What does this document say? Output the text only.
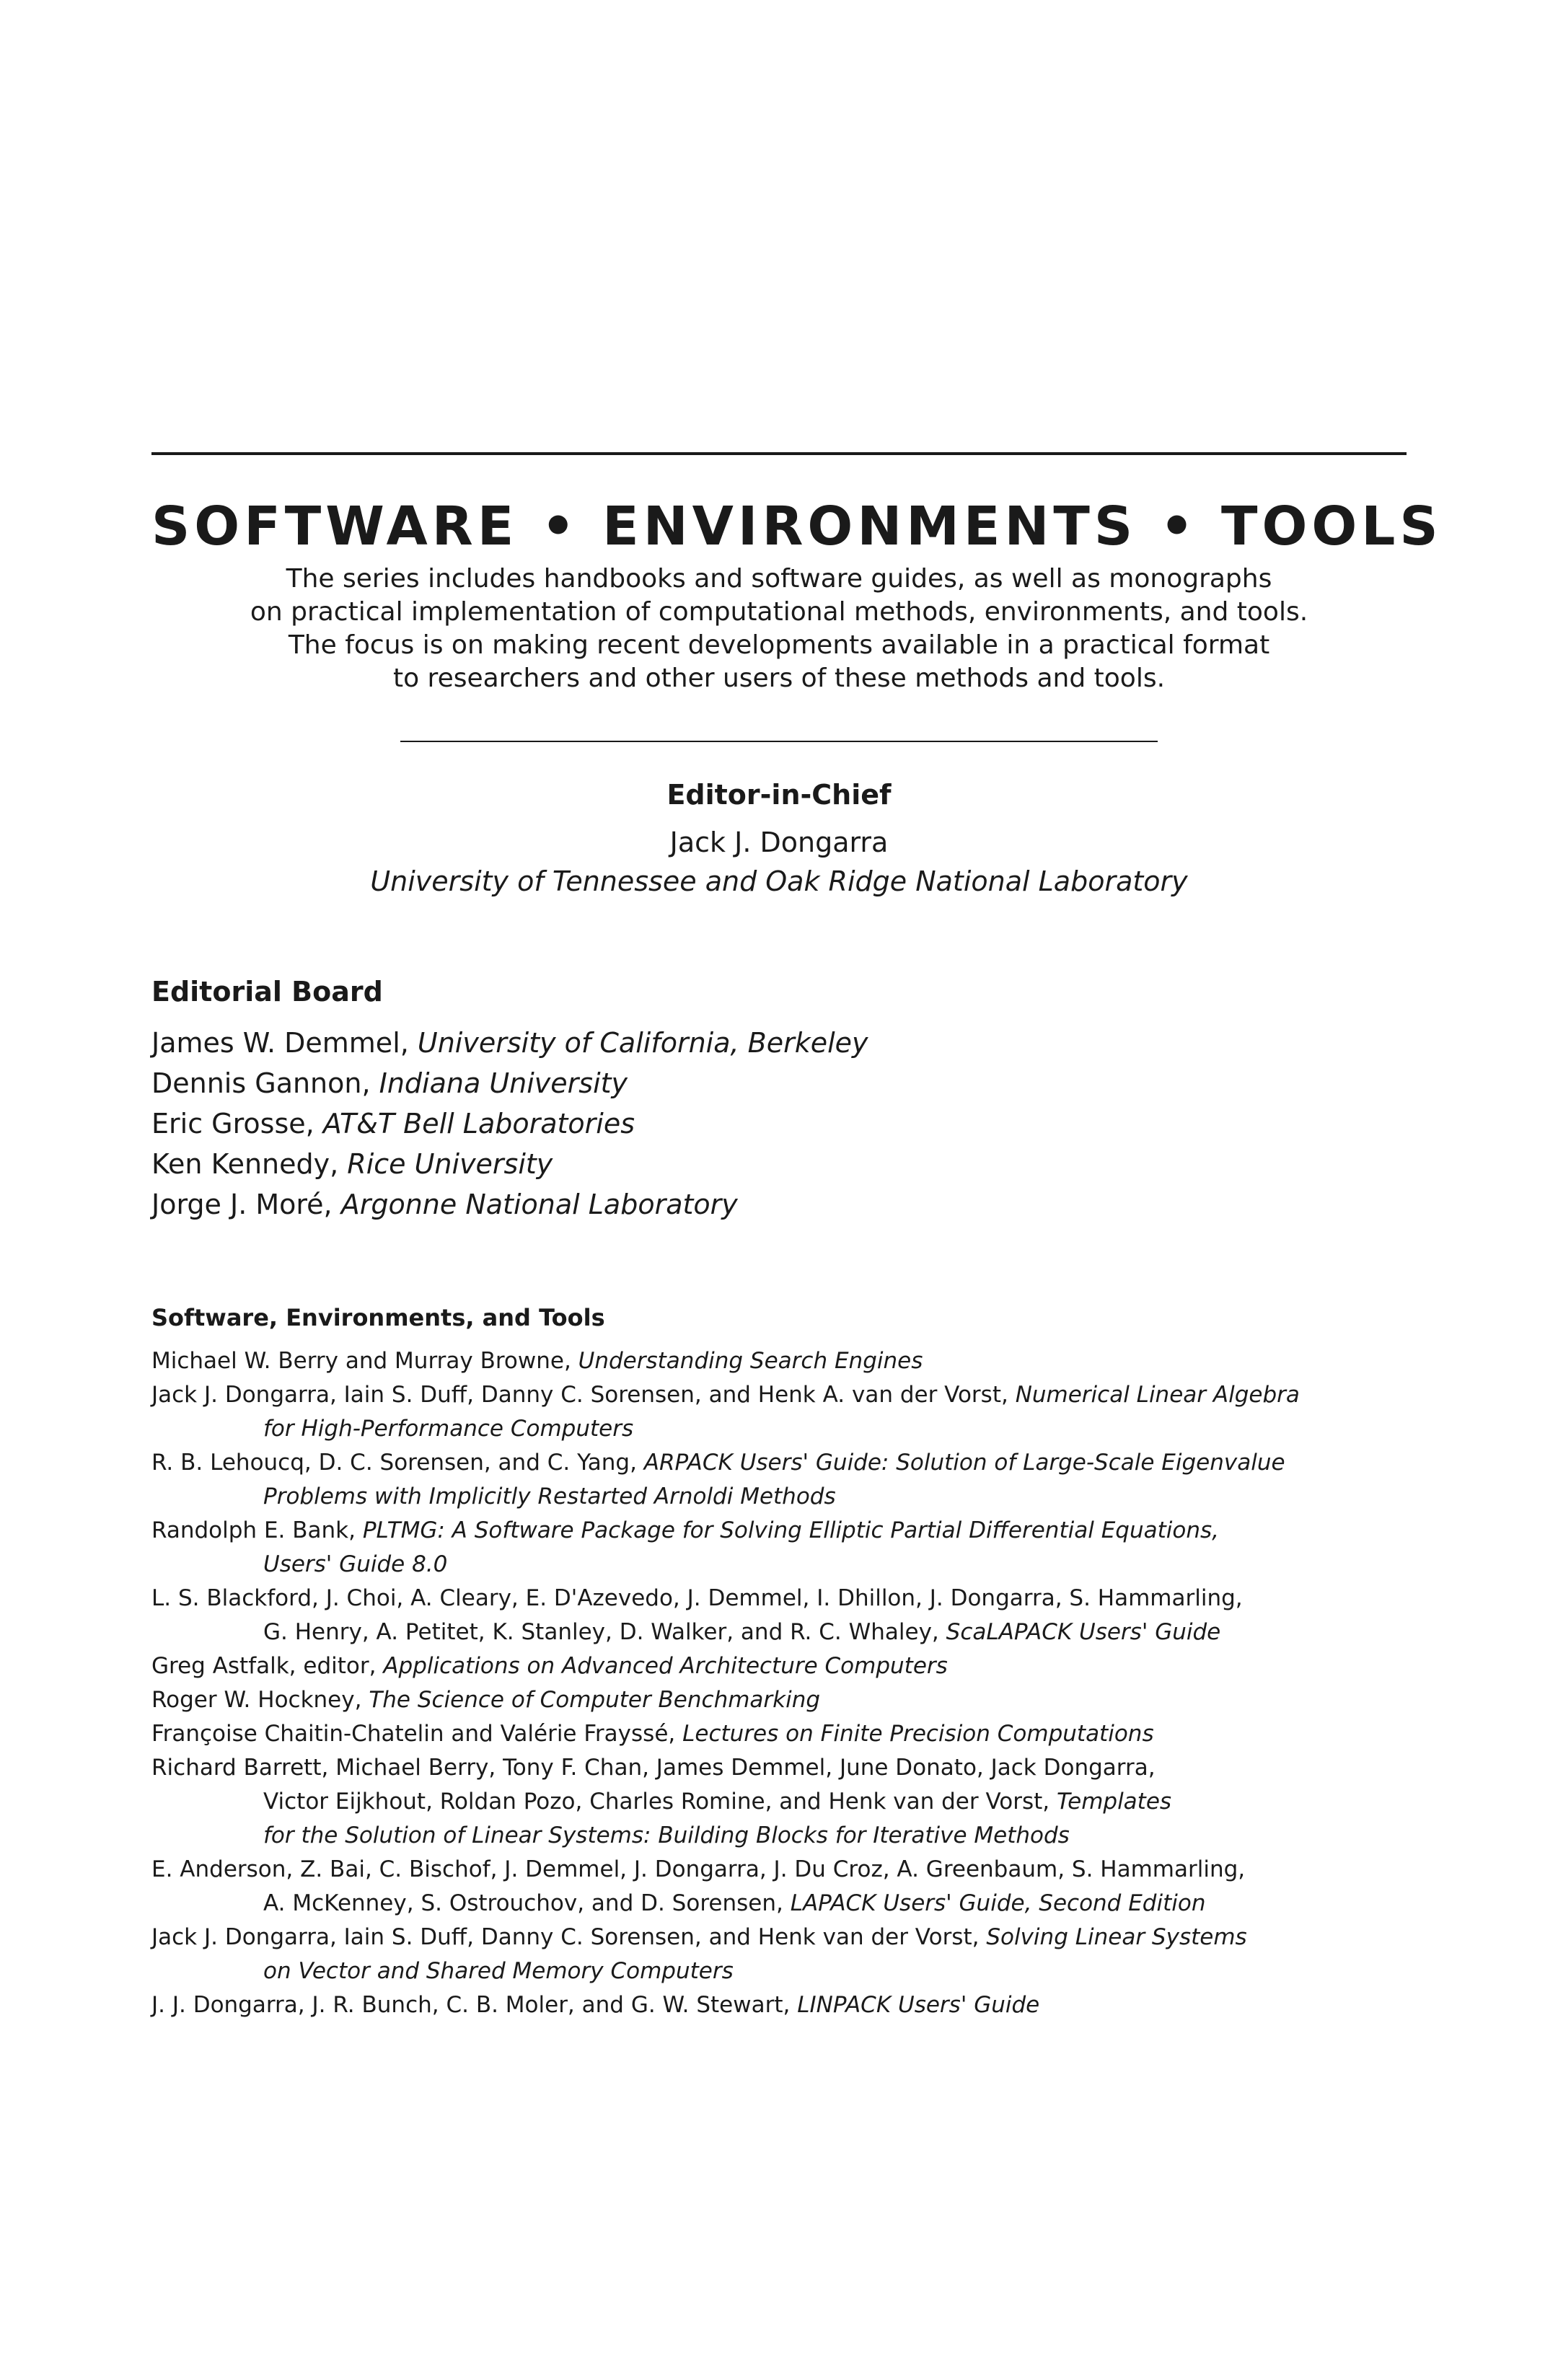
SOFTWARE • ENVIRONMENTS • TOOLS
The series includes handbooks and software guides, as well as monographs
on practical implementation of computational methods, environments, and tools.
The focus is on making recent developments available in a practical format
to researchers and other users of these methods and tools.
Editor-in-Chief
Jack J. Dongarra
University of Tennessee and Oak Ridge National Laboratory
Editorial Board
James W. Demmel, University of California, Berkeley
Dennis Gannon, Indiana University
Eric Grosse, AT&T Bell Laboratories
Ken Kennedy, Rice University
Jorge J. Moré, Argonne National Laboratory
Software, Environments, and Tools
Michael W. Berry and Murray Browne, Understanding Search Engines
Jack J. Dongarra, Iain S. Duff, Danny C. Sorensen, and Henk A. van der Vorst, Numerical Linear Algebra
for High-Performance Computers
R. B. Lehoucq, D. C. Sorensen, and C. Yang, ARPACK Users' Guide: Solution of Large-Scale Eigenvalue
Problems with Implicitly Restarted Arnoldi Methods
Randolph E. Bank, PLTMG: A Software Package for Solving Elliptic Partial Differential Equations,
Users' Guide 8.0
L. S. Blackford, J. Choi, A. Cleary, E. D'Azevedo, J. Demmel, I. Dhillon, J. Dongarra, S. Hammarling,
G. Henry, A. Petitet, K. Stanley, D. Walker, and R. C. Whaley, ScaLAPACK Users' Guide
Greg Astfalk, editor, Applications on Advanced Architecture Computers
Roger W. Hockney, The Science of Computer Benchmarking
Françoise Chaitin-Chatelin and Valérie Frayssé, Lectures on Finite Precision Computations
Richard Barrett, Michael Berry, Tony F. Chan, James Demmel, June Donato, Jack Dongarra,
Victor Eijkhout, Roldan Pozo, Charles Romine, and Henk van der Vorst, Templates
for the Solution of Linear Systems: Building Blocks for Iterative Methods
E. Anderson, Z. Bai, C. Bischof, J. Demmel, J. Dongarra, J. Du Croz, A. Greenbaum, S. Hammarling,
A. McKenney, S. Ostrouchov, and D. Sorensen, LAPACK Users' Guide, Second Edition
Jack J. Dongarra, Iain S. Duff, Danny C. Sorensen, and Henk van der Vorst, Solving Linear Systems
on Vector and Shared Memory Computers
J. J. Dongarra, J. R. Bunch, C. B. Moler, and G. W. Stewart, LINPACK Users' Guide
